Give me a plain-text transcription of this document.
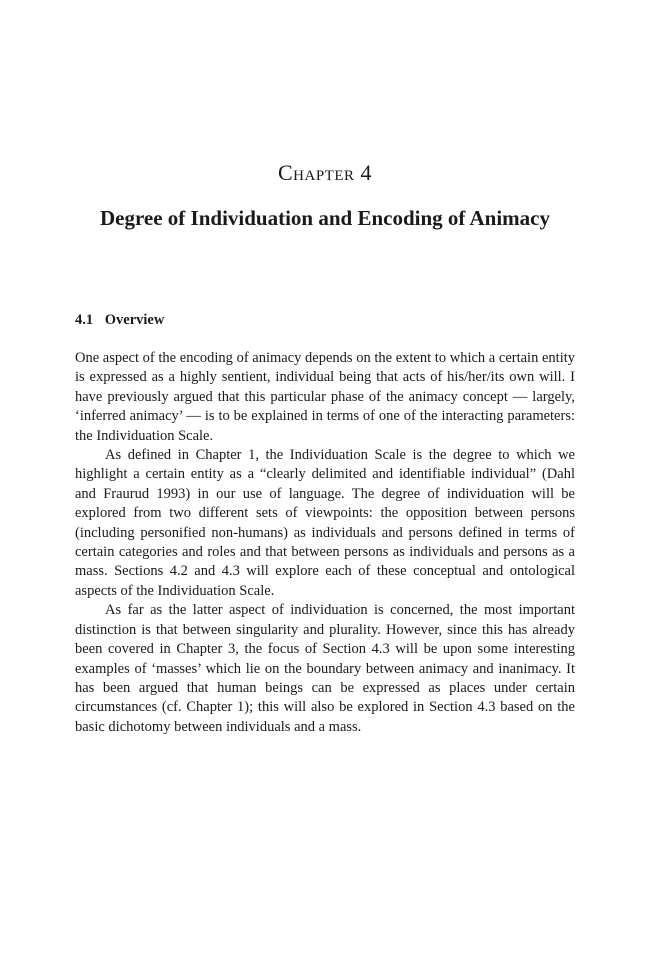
Chapter 4
Degree of Individuation and Encoding of Animacy
4.1 Overview

One aspect of the encoding of animacy depends on the extent to which a certain entity is expressed as a highly sentient, individual being that acts of his/her/its own will. I have previously argued that this particular phase of the animacy concept — largely, ‘inferred animacy’ — is to be explained in terms of one of the interacting parameters: the Individuation Scale.

As defined in Chapter 1, the Individuation Scale is the degree to which we highlight a certain entity as a “clearly delimited and identifiable individual” (Dahl and Fraurud 1993) in our use of language. The degree of individuation will be explored from two different sets of viewpoints: the opposition between persons (including personified non-humans) as individuals and persons defined in terms of certain categories and roles and that between persons as individuals and persons as a mass. Sections 4.2 and 4.3 will explore each of these conceptual and ontological aspects of the Individuation Scale.

As far as the latter aspect of individuation is concerned, the most important distinction is that between singularity and plurality. However, since this has already been covered in Chapter 3, the focus of Section 4.3 will be upon some interesting examples of ‘masses’ which lie on the boundary between animacy and inanimacy. It has been argued that human beings can be expressed as places under certain circumstances (cf. Chapter 1); this will also be explored in Section 4.3 based on the basic dichotomy between individuals and a mass.
